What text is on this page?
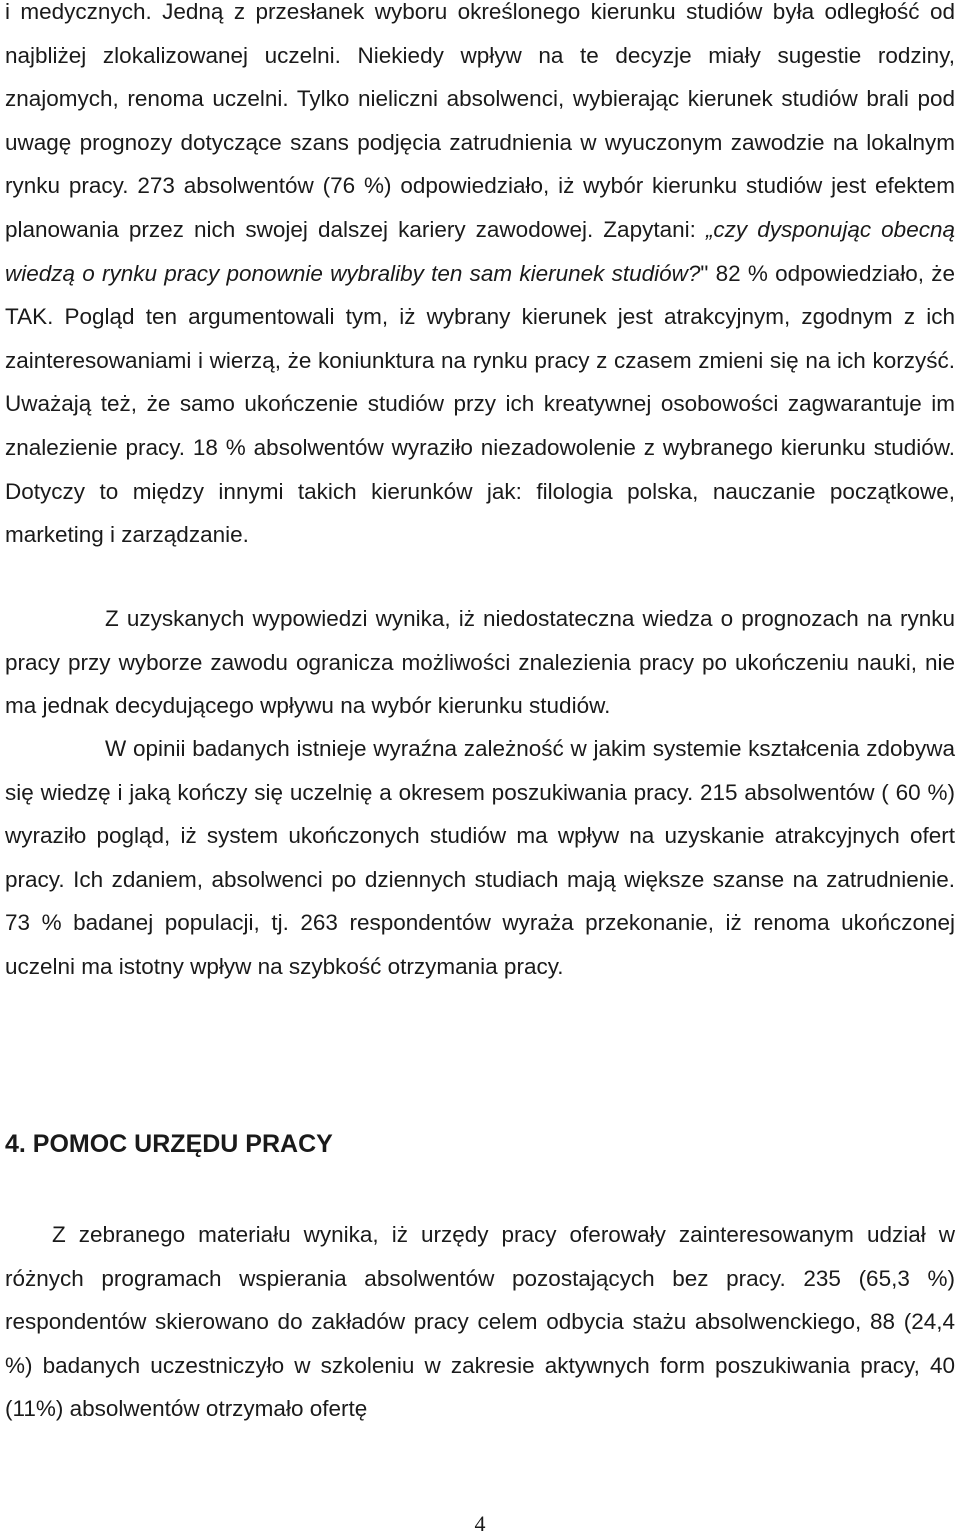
i medycznych. Jedną z przesłanek wyboru określonego kierunku studiów była odległość od najbliżej zlokalizowanej uczelni. Niekiedy wpływ na te decyzje miały sugestie rodziny, znajomych, renoma uczelni. Tylko nieliczni absolwenci, wybierając kierunek studiów brali pod uwagę prognozy dotyczące szans podjęcia zatrudnienia w wyuczonym zawodzie na lokalnym rynku pracy. 273 absolwentów (76 %) odpowiedziało, iż wybór kierunku studiów jest efektem planowania przez nich swojej dalszej kariery zawodowej. Zapytani: „czy dysponując obecną wiedzą o rynku pracy ponownie wybraliby ten sam kierunek studiów?" 82 % odpowiedziało, że TAK. Pogląd ten argumentowali tym, iż wybrany kierunek jest atrakcyjnym, zgodnym z ich zainteresowaniami i wierzą, że koniunktura na rynku pracy z czasem zmieni się na ich korzyść. Uważają też, że samo ukończenie studiów przy ich kreatywnej osobowości zagwarantuje im znalezienie pracy. 18 % absolwentów wyraziło niezadowolenie z wybranego kierunku studiów. Dotyczy to między innymi takich kierunków jak: filologia polska, nauczanie początkowe, marketing i zarządzanie.

Z uzyskanych wypowiedzi wynika, iż niedostateczna wiedza o prognozach na rynku pracy przy wyborze zawodu ogranicza możliwości znalezienia pracy po ukończeniu nauki, nie ma jednak decydującego wpływu na wybór kierunku studiów.

W opinii badanych istnieje wyraźna zależność w jakim systemie kształcenia zdobywa się wiedzę i jaką kończy się uczelnię a okresem poszukiwania pracy. 215 absolwentów ( 60 %) wyraziło pogląd, iż system ukończonych studiów ma wpływ na uzyskanie atrakcyjnych ofert pracy. Ich zdaniem, absolwenci po dziennych studiach mają większe szanse na zatrudnienie. 73 % badanej populacji, tj. 263 respondentów wyraża przekonanie, iż renoma ukończonej uczelni ma istotny wpływ na szybkość otrzymania pracy.

4. POMOC URZĘDU PRACY

Z zebranego materiału wynika, iż urzędy pracy oferowały zainteresowanym udział w różnych programach wspierania absolwentów pozostających bez pracy. 235 (65,3 %) respondentów skierowano do zakładów pracy celem odbycia stażu absolwenckiego, 88 (24,4 %) badanych uczestniczyło w szkoleniu w zakresie aktywnych form poszukiwania pracy, 40 (11%) absolwentów otrzymało ofertę

4
